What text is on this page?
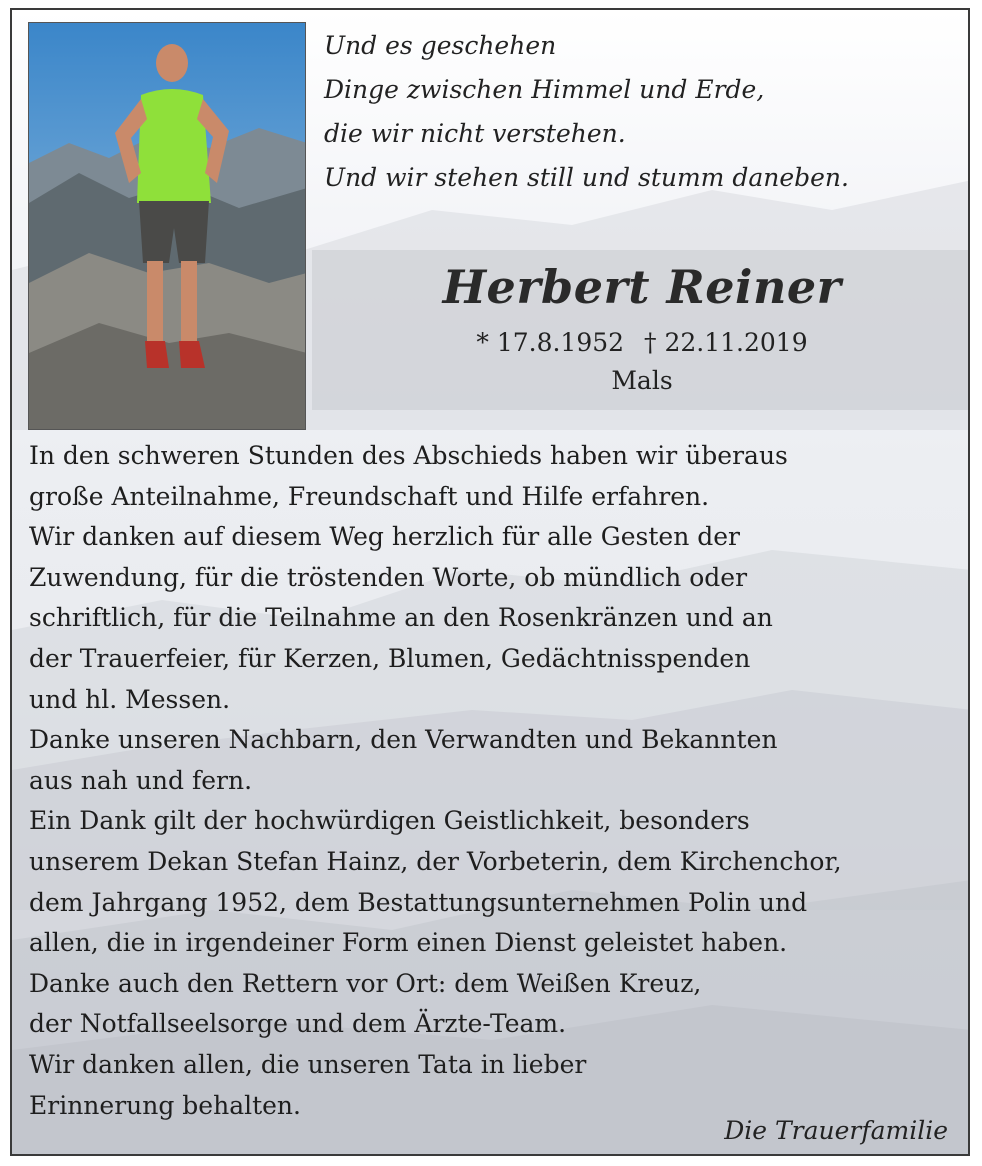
Und es geschehen
Dinge zwischen Himmel und Erde,
die wir nicht verstehen.
Und wir stehen still und stumm daneben.
Herbert Reiner
* 17.8.1952 † 22.11.2019
Mals
In den schweren Stunden des Abschieds haben wir überaus
große Anteilnahme, Freundschaft und Hilfe erfahren.
Wir danken auf diesem Weg herzlich für alle Gesten der
Zuwendung, für die tröstenden Worte, ob mündlich oder
schriftlich, für die Teilnahme an den Rosenkränzen und an
der Trauerfeier, für Kerzen, Blumen, Gedächtnisspenden
und hl. Messen.
Danke unseren Nachbarn, den Verwandten und Bekannten
aus nah und fern.
Ein Dank gilt der hochwürdigen Geistlichkeit, besonders
unserem Dekan Stefan Hainz, der Vorbeterin, dem Kirchenchor,
dem Jahrgang 1952, dem Bestattungsunternehmen Polin und
allen, die in irgendeiner Form einen Dienst geleistet haben.
Danke auch den Rettern vor Ort: dem Weißen Kreuz,
der Notfallseelsorge und dem Ärzte-Team.
Wir danken allen, die unseren Tata in lieber
Erinnerung behalten.
Die Trauerfamilie
